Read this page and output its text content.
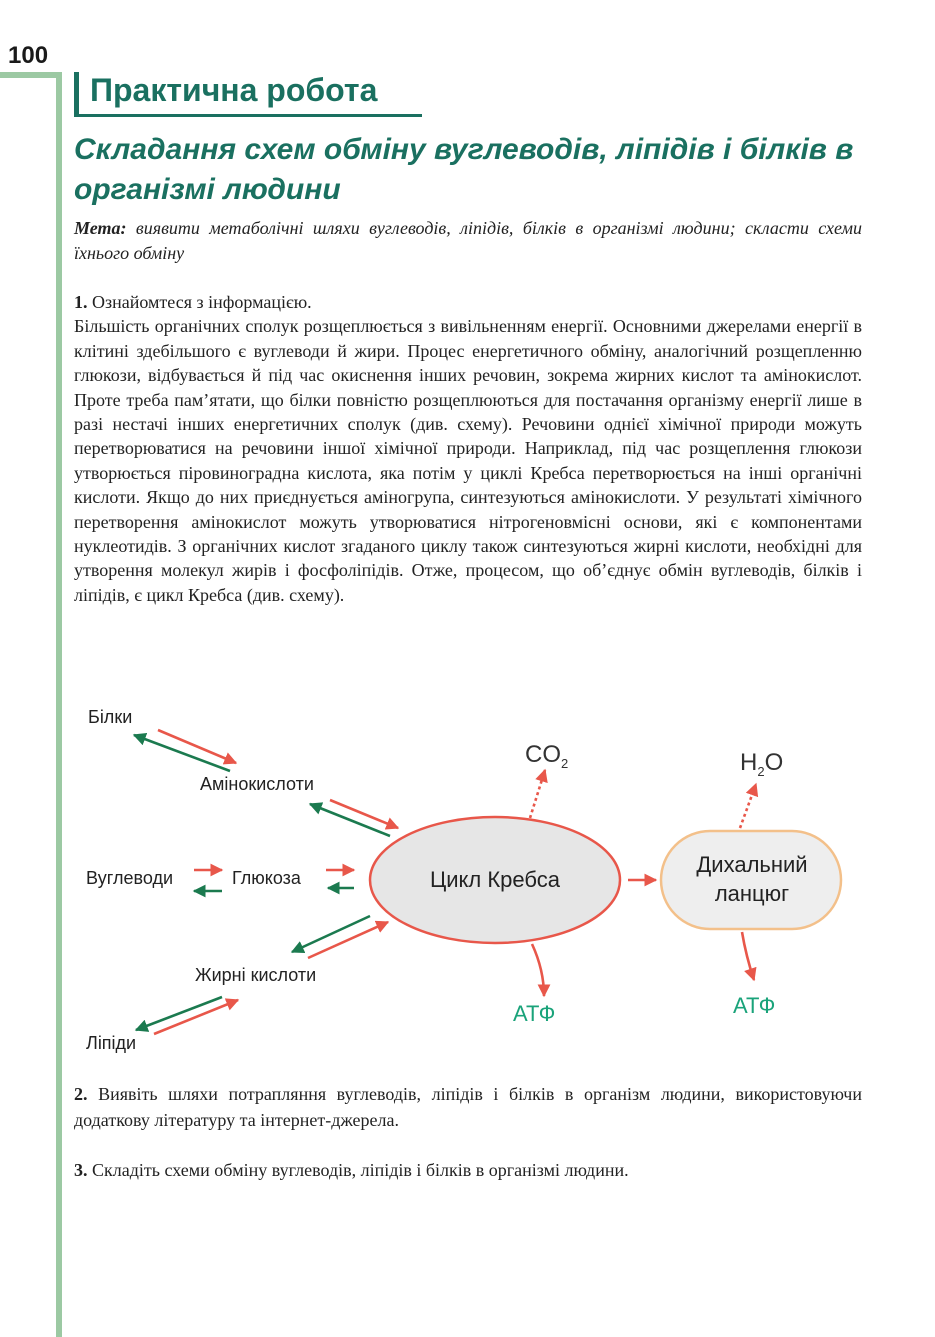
100
Практична робота
Складання схем обміну вуглеводів, ліпідів і білків в організмі людини

Мета: виявити метаболічні шляхи вуглеводів, ліпідів, білків в організмі людини; скласти схеми їхнього обміну

1. Ознайомтеся з інформацією.
Більшість органічних сполук розщеплюється з вивільненням енергії. Основними джерелами енергії в клітині здебільшого є вуглеводи й жири. Процес енергетичного обміну, аналогічний розщепленню глюкози, відбувається й під час окиснення інших речовин, зокрема жирних кислот та амінокислот. Проте треба пам’ятати, що білки повністю розщеплюються для постачання організму енергії лише в разі нестачі інших енергетичних сполук (див. схему). Речовини однієї хімічної природи можуть перетворюватися на речовини іншої хімічної природи. Наприклад, під час розщеплення глюкози утворюється піровиноградна кислота, яка потім у циклі Кребса перетворюється на інші органічні кислоти. Якщо до них приєднується аміногрупа, синтезуються амінокислоти. У результаті хімічного перетворення амінокислот можуть утворюватися нітрогеновмісні основи, які є компонентами нуклеотидів. З органічних кислот згаданого циклу також синтезуються жирні кислоти, необхідні для утворення молекул жирів і фосфоліпідів. Отже, процесом, що об’єднує обмін вуглеводів, білків і ліпідів, є цикл Кребса (див. схему).
Білки
Амінокислоти
Вуглеводи	Глюкоза
Жирні кислоти
Ліпіди
Цикл Кребса
$CO_2$
АТФ
Дихальний
ланцюг
$H_2O$
АТФ

2. Виявіть шляхи потрапляння вуглеводів, ліпідів і білків в організм людини, використовуючи додаткову літературу та інтернет-джерела.

3. Складіть схеми обміну вуглеводів, ліпідів і білків в організмі людини.
